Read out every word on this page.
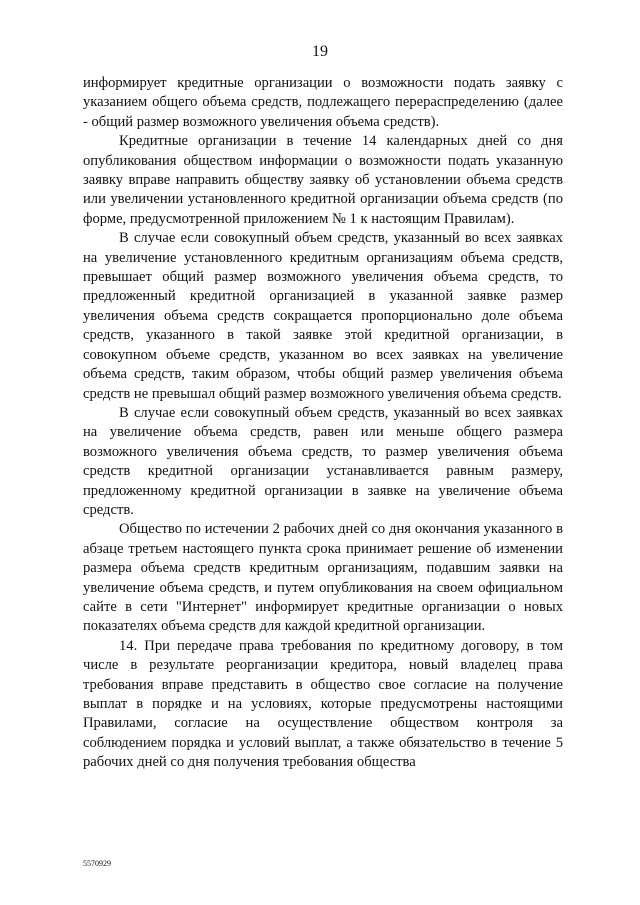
19

информирует кредитные организации о возможности подать заявку с указанием общего объема средств, подлежащего перераспределению (далее - общий размер возможного увеличения объема средств).

Кредитные организации в течение 14 календарных дней со дня опубликования обществом информации о возможности подать указанную заявку вправе направить обществу заявку об установлении объема средств или увеличении установленного кредитной организации объема средств (по форме, предусмотренной приложением № 1 к настоящим Правилам).

В случае если совокупный объем средств, указанный во всех заявках на увеличение установленного кредитным организациям объема средств, превышает общий размер возможного увеличения объема средств, то предложенный кредитной организацией в указанной заявке размер увеличения объема средств сокращается пропорционально доле объема средств, указанного в такой заявке этой кредитной организации, в совокупном объеме средств, указанном во всех заявках на увеличение объема средств, таким образом, чтобы общий размер увеличения объема средств не превышал общий размер возможного увеличения объема средств.

В случае если совокупный объем средств, указанный во всех заявках на увеличение объема средств, равен или меньше общего размера возможного увеличения объема средств, то размер увеличения объема средств кредитной организации устанавливается равным размеру, предложенному кредитной организации в заявке на увеличение объема средств.

Общество по истечении 2 рабочих дней со дня окончания указанного в абзаце третьем настоящего пункта срока принимает решение об изменении размера объема средств кредитным организациям, подавшим заявки на увеличение объема средств, и путем опубликования на своем официальном сайте в сети "Интернет" информирует кредитные организации о новых показателях объема средств для каждой кредитной организации.

14. При передаче права требования по кредитному договору, в том числе в результате реорганизации кредитора, новый владелец права требования вправе представить в общество свое согласие на получение выплат в порядке и на условиях, которые предусмотрены настоящими Правилами, согласие на осуществление обществом контроля за соблюдением порядка и условий выплат, а также обязательство в течение 5 рабочих дней со дня получения требования общества

5570929
